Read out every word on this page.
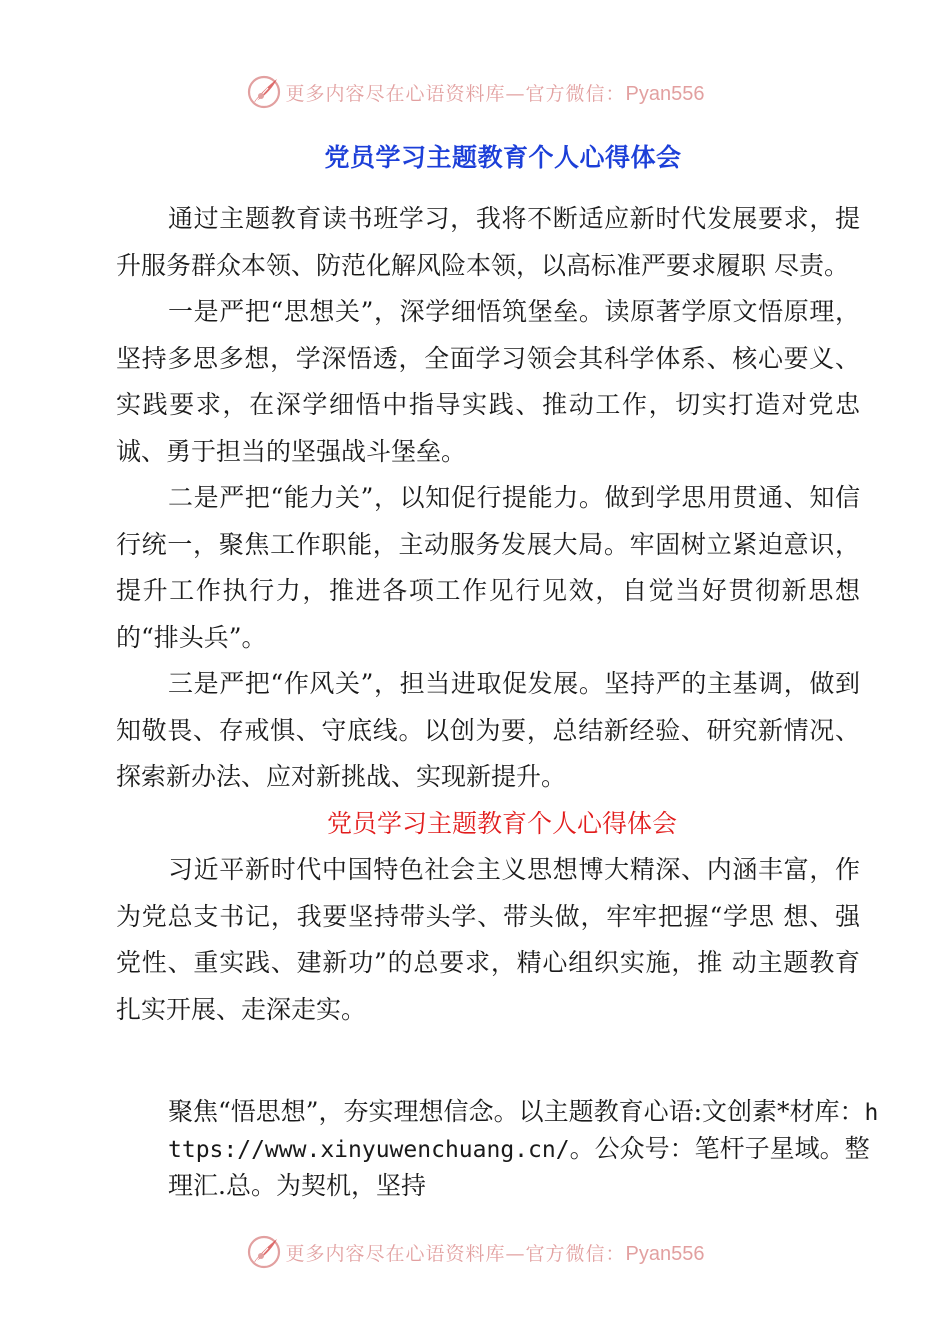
更多内容尽在心语资料库—官方微信：Pyan556
党员学习主题教育个人心得体会

通过主题教育读书班学习，我将不断适应新时代发展要求，提升服务群众本领、防范化解风险本领，以高标准严要求履职 尽责。

一是严把“思想关”，深学细悟筑堡垒。读原著学原文悟原理，坚持多思多想，学深悟透，全面学习领会其科学体系、核心要义、实践要求，在深学细悟中指导实践、推动工作，切实打造对党忠诚、勇于担当的坚强战斗堡垒。

二是严把“能力关”，以知促行提能力。做到学思用贯通、知信行统一，聚焦工作职能，主动服务发展大局。牢固树立紧迫意识，提升工作执行力，推进各项工作见行见效，自觉当好贯彻新思想的“排头兵”。

三是严把“作风关”，担当进取促发展。坚持严的主基调，做到知敬畏、存戒惧、守底线。以创为要，总结新经验、研究新情况、探索新办法、应对新挑战、实现新提升。

党员学习主题教育个人心得体会

习近平新时代中国特色社会主义思想博大精深、内涵丰富，作为党总支书记，我要坚持带头学、带头做，牢牢把握“学思 想、强党性、重实践、建新功”的总要求，精心组织实施，推 动主题教育扎实开展、走深走实。

聚焦“悟思想”，夯实理想信念。以主题教育心语:文创素*材库：https://www.xinyuwenchuang.cn/。公众号：笔杆子星域。整理汇.总。为契机，坚持
更多内容尽在心语资料库—官方微信：Pyan556
